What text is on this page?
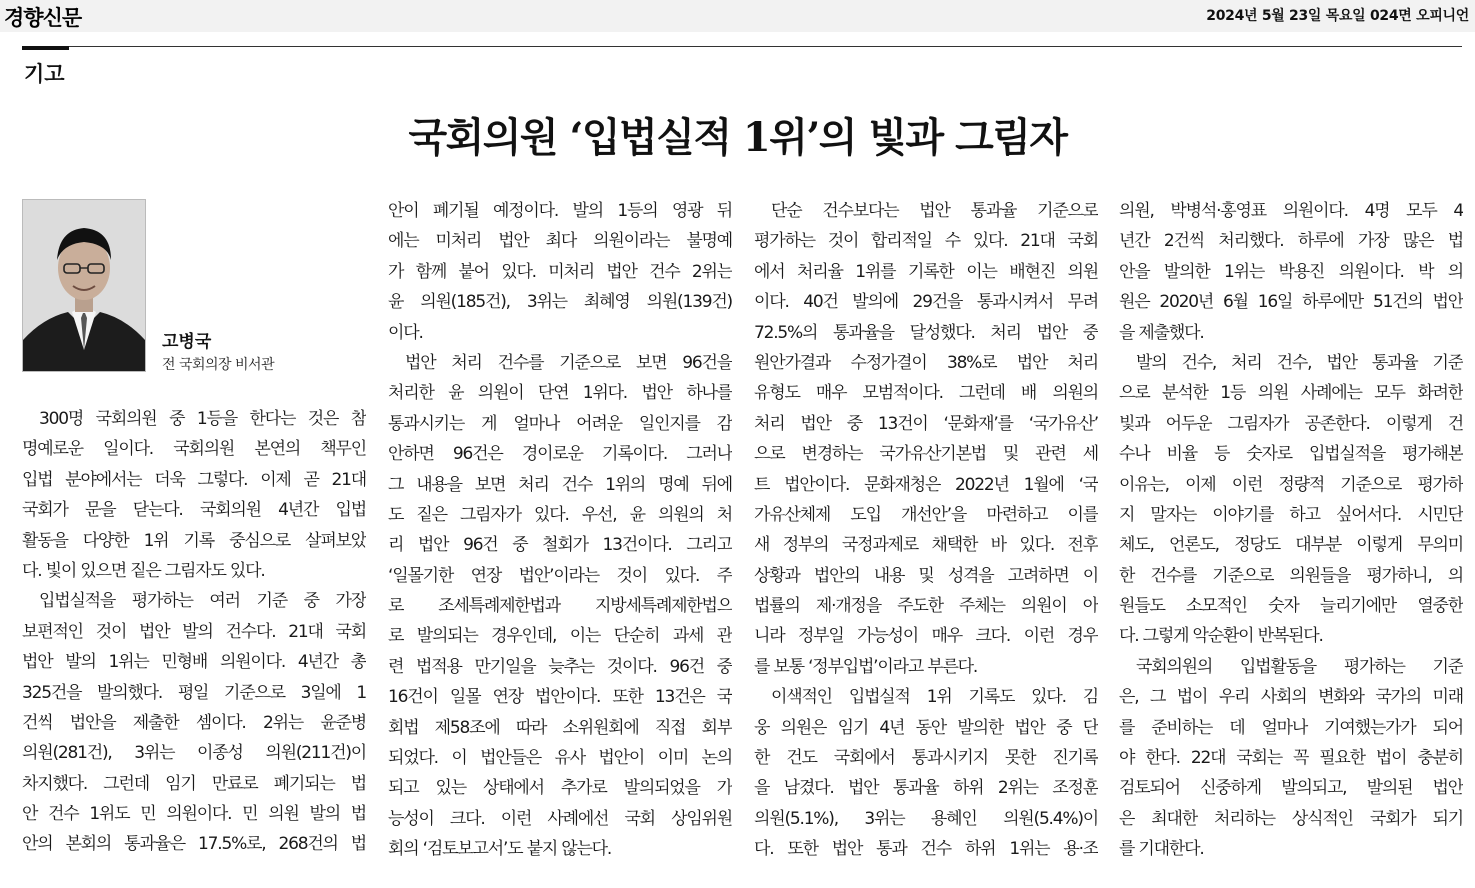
경향신문	2024년 5월 23일 목요일 024면 오피니언
기고
국회의원 ‘입법실적 1위’의 빛과 그림자
고병국
전 국회의장 비서관
300명 국회의원 중 1등을 한다는 것은 참
명예로운 일이다. 국회의원 본연의 책무인
입법 분야에서는 더욱 그렇다. 이제 곧 21대
국회가 문을 닫는다. 국회의원 4년간 입법
활동을 다양한 1위 기록 중심으로 살펴보았
다. 빛이 있으면 짙은 그림자도 있다.
입법실적을 평가하는 여러 기준 중 가장
보편적인 것이 법안 발의 건수다. 21대 국회
법안 발의 1위는 민형배 의원이다. 4년간 총
325건을 발의했다. 평일 기준으로 3일에 1
건씩 법안을 제출한 셈이다. 2위는 윤준병
의원(281건), 3위는 이종성 의원(211건)이
차지했다. 그런데 임기 만료로 폐기되는 법
안 건수 1위도 민 의원이다. 민 의원 발의 법
안의 본회의 통과율은 17.5%로, 268건의 법
안이 폐기될 예정이다. 발의 1등의 영광 뒤
에는 미처리 법안 최다 의원이라는 불명예
가 함께 붙어 있다. 미처리 법안 건수 2위는
윤 의원(185건), 3위는 최혜영 의원(139건)
이다.
법안 처리 건수를 기준으로 보면 96건을
처리한 윤 의원이 단연 1위다. 법안 하나를
통과시키는 게 얼마나 어려운 일인지를 감
안하면 96건은 경이로운 기록이다. 그러나
그 내용을 보면 처리 건수 1위의 명예 뒤에
도 짙은 그림자가 있다. 우선, 윤 의원의 처
리 법안 96건 중 철회가 13건이다. 그리고
‘일몰기한 연장 법안’이라는 것이 있다. 주
로 조세특례제한법과 지방세특례제한법으
로 발의되는 경우인데, 이는 단순히 과세 관
련 법적용 만기일을 늦추는 것이다. 96건 중
16건이 일몰 연장 법안이다. 또한 13건은 국
회법 제58조에 따라 소위원회에 직접 회부
되었다. 이 법안들은 유사 법안이 이미 논의
되고 있는 상태에서 추가로 발의되었을 가
능성이 크다. 이런 사례에선 국회 상임위원
회의 ‘검토보고서’도 붙지 않는다.
단순 건수보다는 법안 통과율 기준으로
평가하는 것이 합리적일 수 있다. 21대 국회
에서 처리율 1위를 기록한 이는 배현진 의원
이다. 40건 발의에 29건을 통과시켜서 무려
72.5%의 통과율을 달성했다. 처리 법안 중
원안가결과 수정가결이 38%로 법안 처리
유형도 매우 모범적이다. 그런데 배 의원의
처리 법안 중 13건이 ‘문화재’를 ‘국가유산’
으로 변경하는 국가유산기본법 및 관련 세
트 법안이다. 문화재청은 2022년 1월에 ‘국
가유산체제 도입 개선안’을 마련하고 이를
새 정부의 국정과제로 채택한 바 있다. 전후
상황과 법안의 내용 및 성격을 고려하면 이
법률의 제·개정을 주도한 주체는 의원이 아
니라 정부일 가능성이 매우 크다. 이런 경우
를 보통 ‘정부입법’이라고 부른다.
이색적인 입법실적 1위 기록도 있다. 김
웅 의원은 임기 4년 동안 발의한 법안 중 단
한 건도 국회에서 통과시키지 못한 진기록
을 남겼다. 법안 통과율 하위 2위는 조정훈
의원(5.1%), 3위는 용혜인 의원(5.4%)이
다. 또한 법안 통과 건수 하위 1위는 용·조
의원, 박병석·홍영표 의원이다. 4명 모두 4
년간 2건씩 처리했다. 하루에 가장 많은 법
안을 발의한 1위는 박용진 의원이다. 박 의
원은 2020년 6월 16일 하루에만 51건의 법안
을 제출했다.
발의 건수, 처리 건수, 법안 통과율 기준
으로 분석한 1등 의원 사례에는 모두 화려한
빛과 어두운 그림자가 공존한다. 이렇게 건
수나 비율 등 숫자로 입법실적을 평가해본
이유는, 이제 이런 정량적 기준으로 평가하
지 말자는 이야기를 하고 싶어서다. 시민단
체도, 언론도, 정당도 대부분 이렇게 무의미
한 건수를 기준으로 의원들을 평가하니, 의
원들도 소모적인 숫자 늘리기에만 열중한
다. 그렇게 악순환이 반복된다.
국회의원의 입법활동을 평가하는 기준
은, 그 법이 우리 사회의 변화와 국가의 미래
를 준비하는 데 얼마나 기여했는가가 되어
야 한다. 22대 국회는 꼭 필요한 법이 충분히
검토되어 신중하게 발의되고, 발의된 법안
은 최대한 처리하는 상식적인 국회가 되기
를 기대한다.
